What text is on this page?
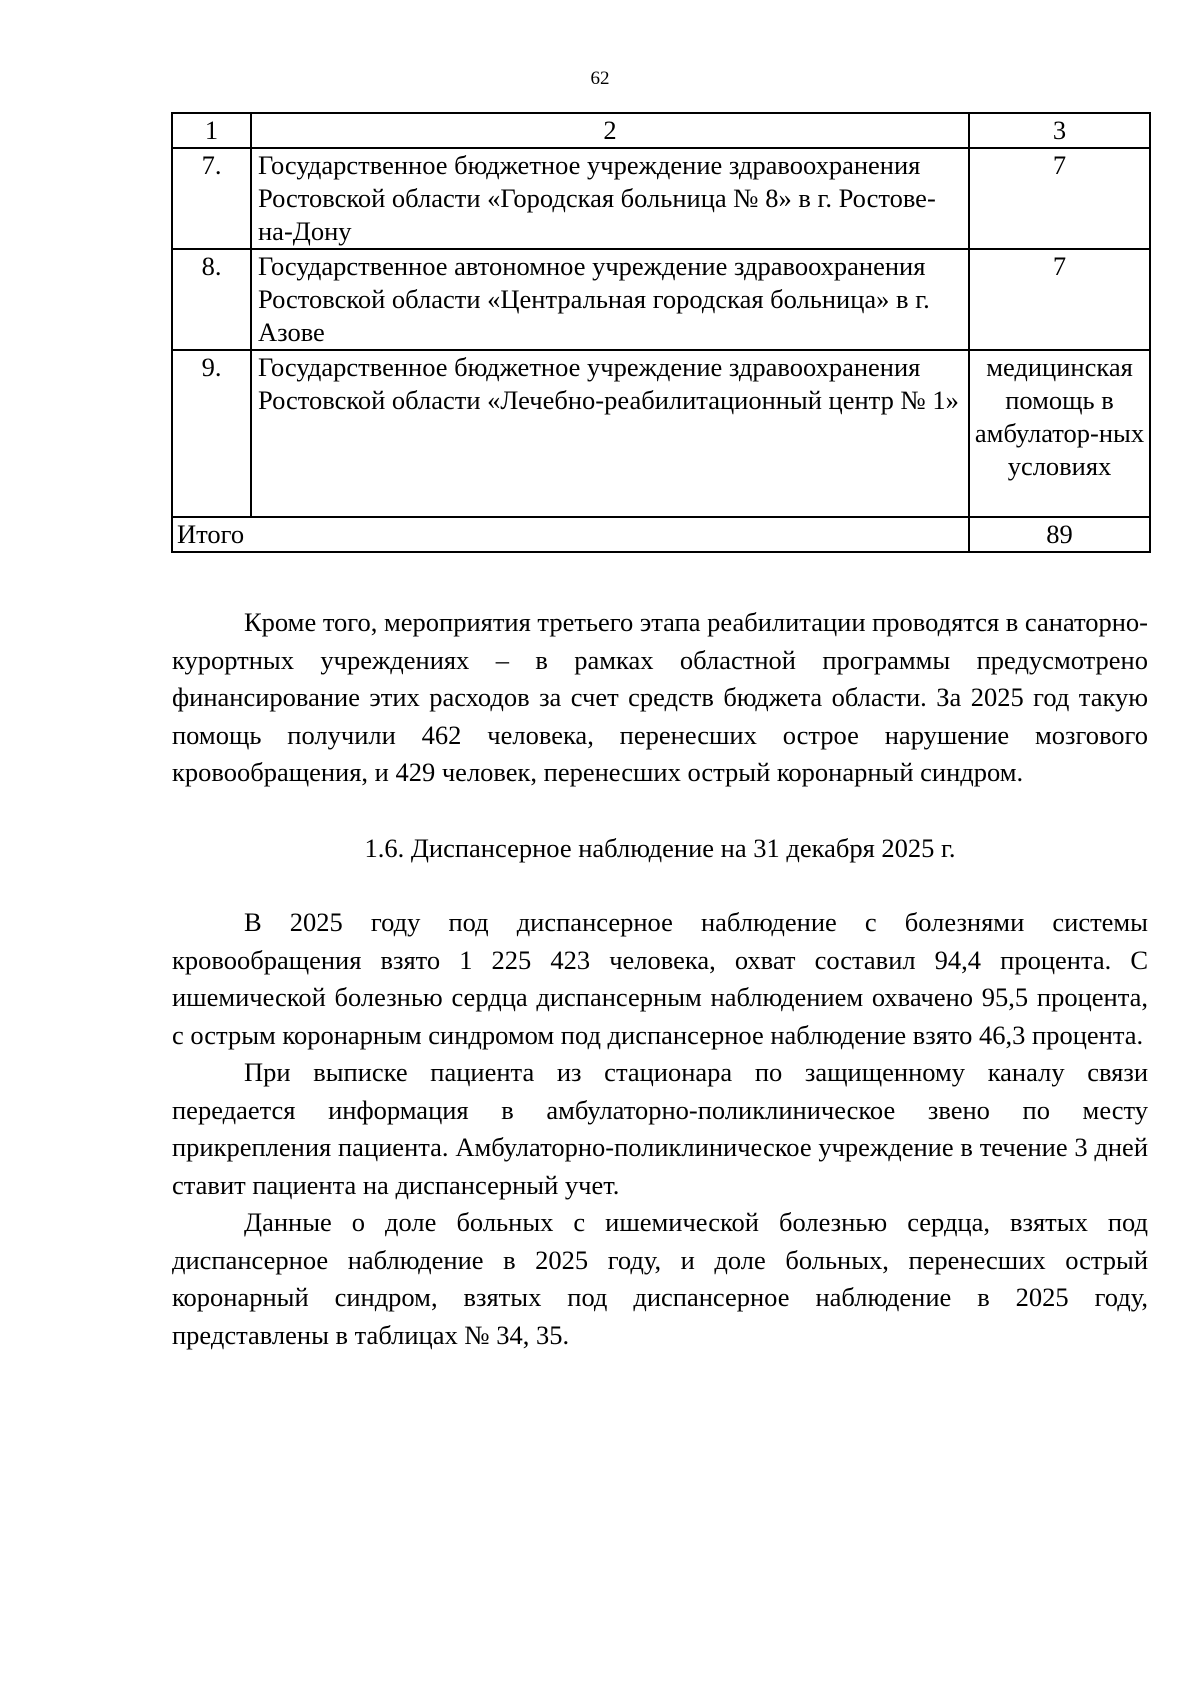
62
1	2	3
7.	Государственное бюджетное учреждение здравоохранения Ростовской области «Городская больница № 8» в г. Ростове-на-Дону	7
8.	Государственное автономное учреждение здравоохранения Ростовской области «Центральная городская больница» в г. Азове	7
9.	Государственное бюджетное учреждение здравоохранения Ростовской области «Лечебно-реабилитационный центр № 1»	медицинская помощь в амбулатор-ных условиях
Итого		89

Кроме того, мероприятия третьего этапа реабилитации проводятся в санаторно-курортных учреждениях – в рамках областной программы предусмотрено финансирование этих расходов за счет средств бюджета области. За 2025 год такую помощь получили 462 человека, перенесших острое нарушение мозгового кровообращения, и 429 человек, перенесших острый коронарный синдром.

1.6. Диспансерное наблюдение на 31 декабря 2025 г.

В 2025 году под диспансерное наблюдение с болезнями системы кровообращения взято 1 225 423 человека, охват составил 94,4 процента. С ишемической болезнью сердца диспансерным наблюдением охвачено 95,5 процента, с острым коронарным синдромом под диспансерное наблюдение взято 46,3 процента.

При выписке пациента из стационара по защищенному каналу связи передается информация в амбулаторно-поликлиническое звено по месту прикрепления пациента. Амбулаторно-поликлиническое учреждение в течение 3 дней ставит пациента на диспансерный учет.

Данные о доле больных с ишемической болезнью сердца, взятых под диспансерное наблюдение в 2025 году, и доле больных, перенесших острый коронарный синдром, взятых под диспансерное наблюдение в 2025 году, представлены в таблицах № 34, 35.
